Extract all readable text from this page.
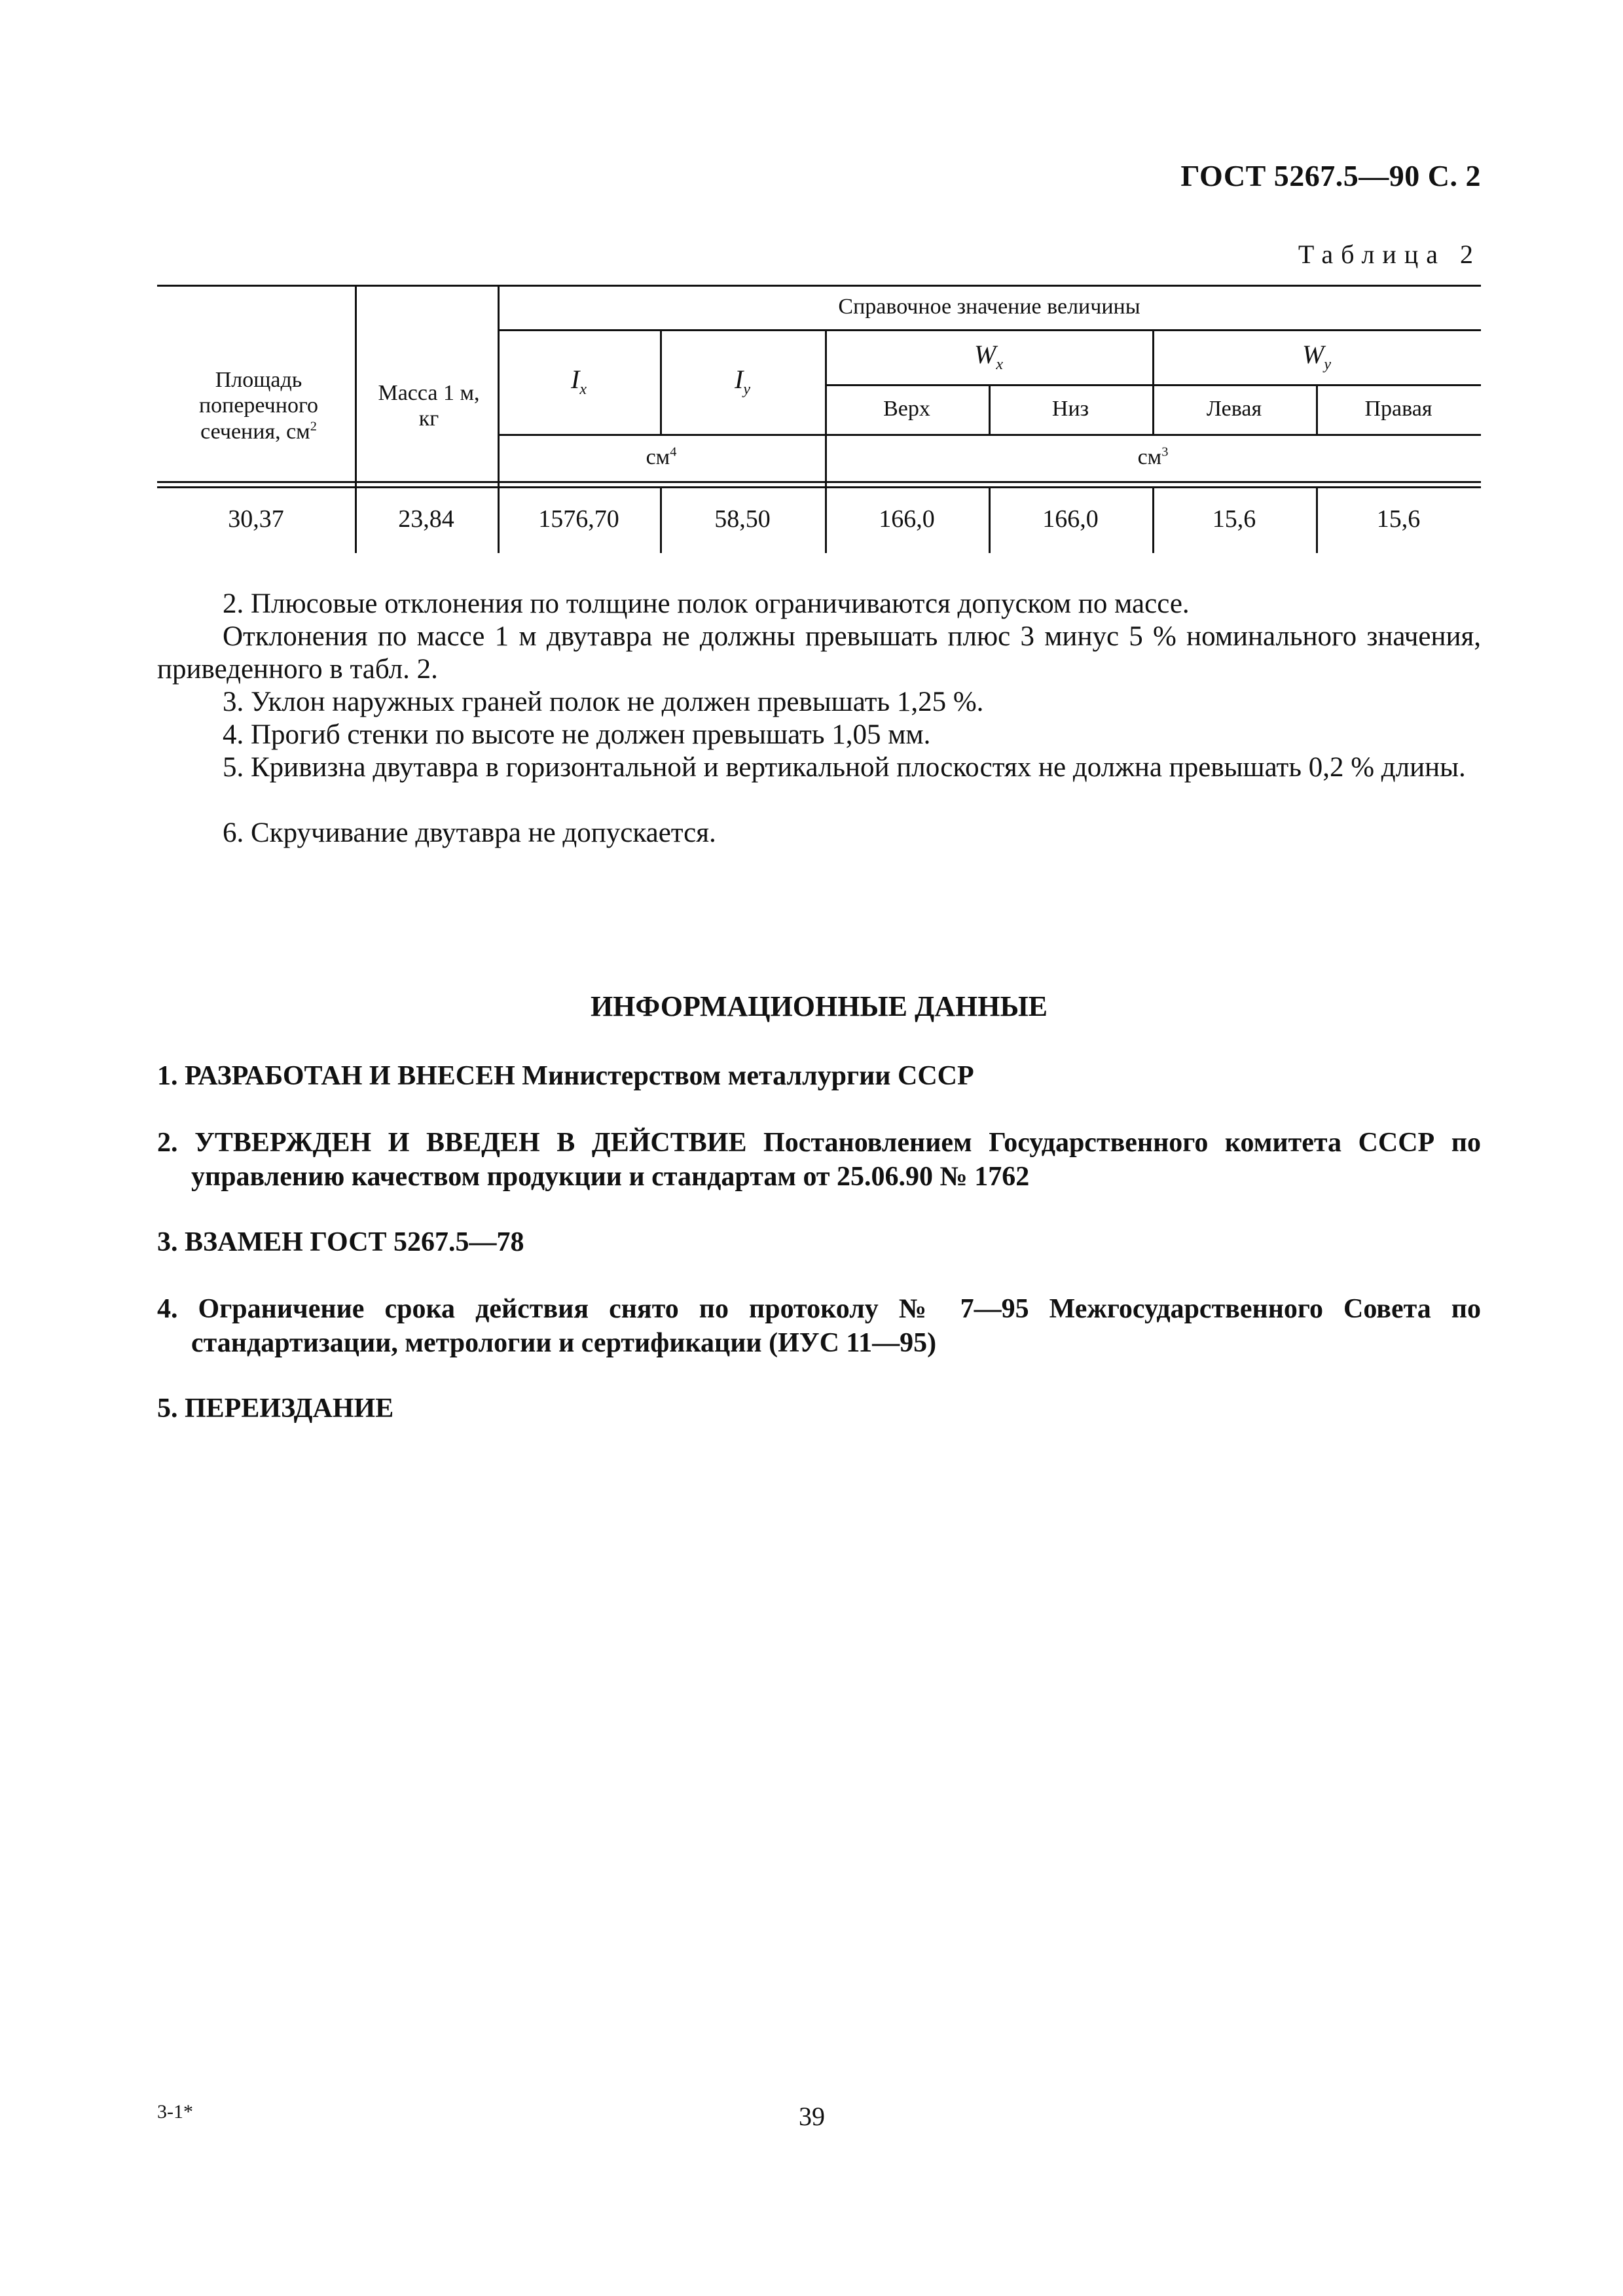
ГОСТ 5267.5—90 С. 2
Таблица 2
Площадь поперечного сечения, $см^2$
Масса 1 м, кг
Справочное значение величины
$I_x$	$I_y$
$W_x$	$W_y$
Верх	Низ	Левая	Правая
$см^4$	$см^3$
30,37	23,84	1576,70	58,50	166,0	166,0	15,6	15,6
2. Плюсовые отклонения по толщине полок ограничиваются допуском по массе.
Отклонения по массе 1 м двутавра не должны превышать плюс 3 минус 5 % номинального значения, приведенного в табл. 2.
3. Уклон наружных граней полок не должен превышать 1,25 %.
4. Прогиб стенки по высоте не должен превышать 1,05 мм.
5. Кривизна двутавра в горизонтальной и вертикальной плоскостях не должна превышать 0,2 % длины.
6. Скручивание двутавра не допускается.
ИНФОРМАЦИОННЫЕ ДАННЫЕ
1. РАЗРАБОТАН И ВНЕСЕН Министерством металлургии СССР
2. УТВЕРЖДЕН И ВВЕДЕН В ДЕЙСТВИЕ Постановлением Государственного комитета СССР по управлению качеством продукции и стандартам от 25.06.90 № 1762
3. ВЗАМЕН ГОСТ 5267.5—78
4. Ограничение срока действия снято по протоколу № 7—95 Межгосударственного Совета по стандартизации, метрологии и сертификации (ИУС 11—95)
5. ПЕРЕИЗДАНИЕ
3-1*	39
